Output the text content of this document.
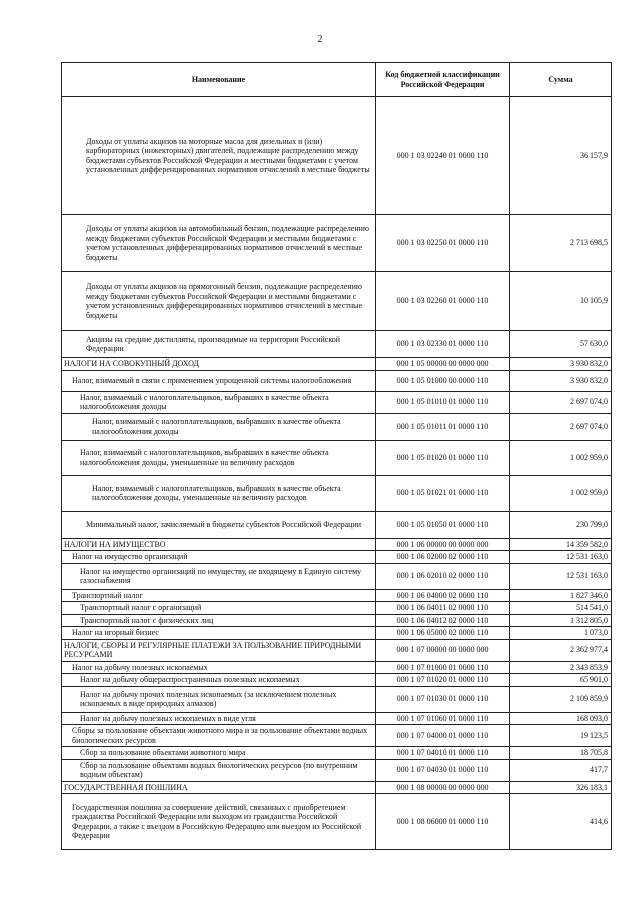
2
Наименование	Код бюджетной классификации Российской Федерации	Сумма
Доходы от уплаты акцизов на моторные масла для дизельных и (или) карбюраторных (инжекторных) двигателей, подлежащие распределению между бюджетами субъектов Российской Федерации и местными бюджетами с учетом установленных дифференцированных нормативов отчислений в местные бюджеты	000 1 03 02240 01 0000 110	36 157,9
Доходы от уплаты акцизов на автомобильный бензин, подлежащие распределению между бюджетами субъектов Российской Федерации и местными бюджетами с учетом установленных дифференцированных нормативов отчислений в местные бюджеты	000 1 03 02250 01 0000 110	2 713 698,5
Доходы от уплаты акцизов на прямогонный бензин, подлежащие распределению между бюджетами субъектов Российской Федерации и местными бюджетами с учетом установленных дифференцированных нормативов отчислений в местные бюджеты	000 1 03 02260 01 0000 110	10 105,9
Акцизы на средние дистилляты, производимые на территории Российской Федерации	000 1 03 02330 01 0000 110	57 630,0
НАЛОГИ НА СОВОКУПНЫЙ ДОХОД	000 1 05 00000 00 0000 000	3 930 832,0
Налог, взимаемый в связи с применением упрощенной системы налогообложения	000 1 05 01000 00 0000 110	3 930 832,0
Налог, взимаемый с налогоплательщиков, выбравших в качестве объекта налогообложения доходы	000 1 05 01010 01 0000 110	2 697 074,0
Налог, взимаемый с налогоплательщиков, выбравших в качестве объекта налогообложения доходы	000 1 05 01011 01 0000 110	2 697 074,0
Налог, взимаемый с налогоплательщиков, выбравших в качестве объекта налогообложения доходы, уменьшенные на величину расходов	000 1 05 01020 01 0000 110	1 002 959,0
Налог, взимаемый с налогоплательщиков, выбравших в качестве объекта налогообложения доходы, уменьшенные на величину расходов	000 1 05 01021 01 0000 110	1 002 959,0
Минимальный налог, зачисляемый в бюджеты субъектов Российской Федерации	000 1 05 01050 01 0000 110	230 799,0
НАЛОГИ НА ИМУЩЕСТВО	000 1 06 00000 00 0000 000	14 359 582,0
Налог на имущество организаций	000 1 06 02000 02 0000 110	12 531 163,0
Налог на имущество организаций по имуществу, не входящему в Единую систему газоснабжения	000 1 06 02010 02 0000 110	12 531 163,0
Транспортный налог	000 1 06 04000 02 0000 110	1 827 346,0
Транспортный налог с организаций	000 1 06 04011 02 0000 110	514 541,0
Транспортный налог с физических лиц	000 1 06 04012 02 0000 110	1 312 805,0
Налог на игорный бизнес	000 1 06 05000 02 0000 110	1 073,0
НАЛОГИ, СБОРЫ И РЕГУЛЯРНЫЕ ПЛАТЕЖИ ЗА ПОЛЬЗОВАНИЕ ПРИРОДНЫМИ РЕСУРСАМИ	000 1 07 00000 00 0000 000	2 362 977,4
Налог на добычу полезных ископаемых	000 1 07 01000 01 0000 110	2 343 853,9
Налог на добычу общераспространенных полезных ископаемых	000 1 07 01020 01 0000 110	65 901,0
Налог на добычу прочих полезных ископаемых (за исключением полезных ископаемых в виде природных алмазов)	000 1 07 01030 01 0000 110	2 109 859,9
Налог на добычу полезных ископаемых в виде угля	000 1 07 01060 01 0000 110	168 093,0
Сборы за пользование объектами животного мира и за пользование объектами водных биологических ресурсов	000 1 07 04000 01 0000 110	19 123,5
Сбор за пользование объектами животного мира	000 1 07 04010 01 0000 110	18 705,8
Сбор за пользование объектами водных биологических ресурсов (по внутренним водным объектам)	000 1 07 04030 01 0000 110	417,7
ГОСУДАРСТВЕННАЯ ПОШЛИНА	000 1 08 00000 00 0000 000	326 183,1
Государственная пошлина за совершение действий, связанных с приобретением гражданства Российской Федерации или выходом из гражданства Российской Федерации, а также с въездом в Российскую Федерацию или выездом из Российской Федерации	000 1 08 06000 01 0000 110	414,6
